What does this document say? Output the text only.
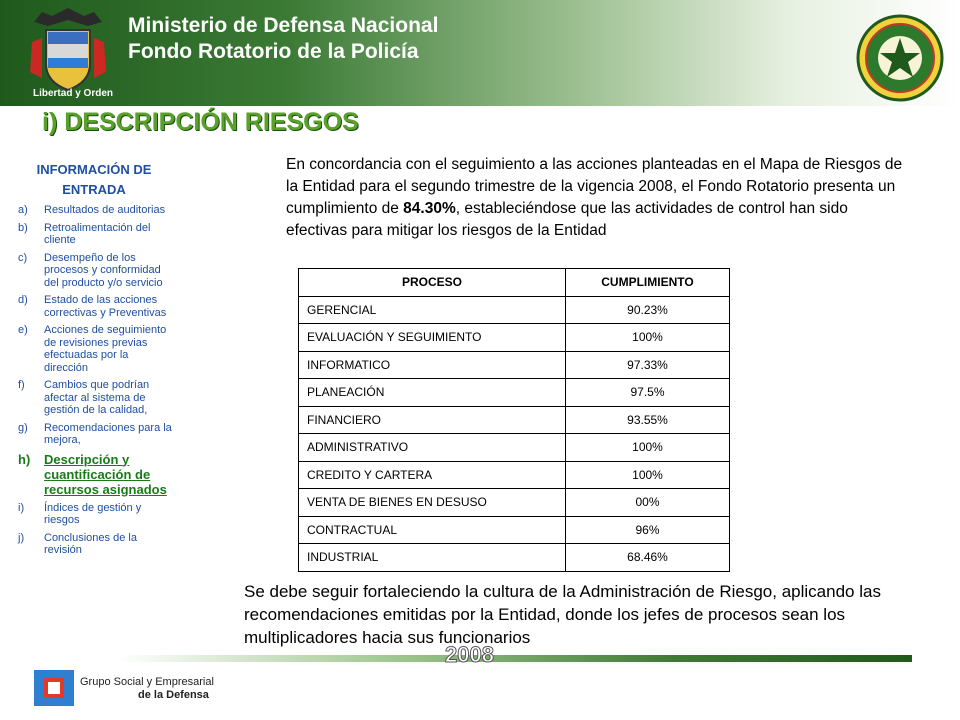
Libertad y Orden
Ministerio de Defensa Nacional
Fondo Rotatorio de la Policía
i) DESCRIPCIÓN RIESGOS
INFORMACIÓN DE ENTRADA
a) Resultados de auditorias
b) Retroalimentación del cliente
c) Desempeño de los procesos y conformidad del producto y/o servicio
d) Estado de las acciones correctivas y Preventivas
e) Acciones de seguimiento de revisiones previas efectuadas por la dirección
f) Cambios que podrían afectar al sistema de gestión de la calidad,
g) Recomendaciones para la mejora,
h) Descripción y cuantificación de recursos asignados
i) Índices de gestión y riesgos
j) Conclusiones de la revisión
En concordancia con el seguimiento a las acciones planteadas en el Mapa de Riesgos de la Entidad para el segundo trimestre de la vigencia 2008, el Fondo Rotatorio presenta un cumplimiento de 84.30%, estableciéndose que las actividades de control han sido efectivas para mitigar los riesgos de la Entidad
PROCESO	CUMPLIMIENTO
GERENCIAL	90.23%
EVALUACIÓN Y SEGUIMIENTO	100%
INFORMATICO	97.33%
PLANEACIÓN	97.5%
FINANCIERO	93.55%
ADMINISTRATIVO	100%
CREDITO Y CARTERA	100%
VENTA DE BIENES EN DESUSO	00%
CONTRACTUAL	96%
INDUSTRIAL	68.46%
Se debe seguir fortaleciendo la cultura de la Administración de Riesgo, aplicando las recomendaciones emitidas por la Entidad, donde los jefes de procesos sean los multiplicadores hacia sus funcionarios
2008
Grupo Social y Empresarial
de la Defensa
